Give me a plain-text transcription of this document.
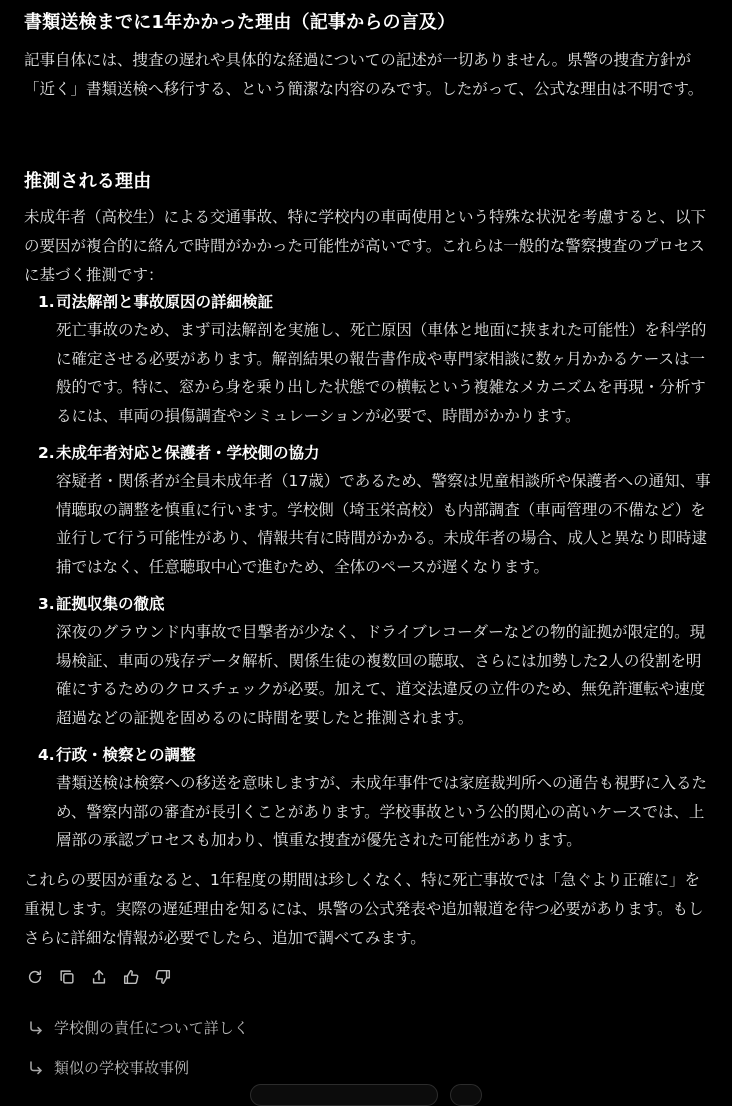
書類送検までに1年かかった理由（記事からの言及）

記事自体には、捜査の遅れや具体的な経過についての記述が一切ありません。県警の捜査方針が「近く」書類送検へ移行する、という簡潔な内容のみです。したがって、公式な理由は不明です。

推測される理由

未成年者（高校生）による交通事故、特に学校内の車両使用という特殊な状況を考慮すると、以下の要因が複合的に絡んで時間がかかった可能性が高いです。これらは一般的な警察捜査のプロセスに基づく推測です：

1.司法解剖と事故原因の詳細検証
死亡事故のため、まず司法解剖を実施し、死亡原因（車体と地面に挟まれた可能性）を科学的に確定させる必要があります。解剖結果の報告書作成や専門家相談に数ヶ月かかるケースは一般的です。特に、窓から身を乗り出した状態での横転という複雑なメカニズムを再現・分析するには、車両の損傷調査やシミュレーションが必要で、時間がかかります。
2.未成年者対応と保護者・学校側の協力
容疑者・関係者が全員未成年者（17歳）であるため、警察は児童相談所や保護者への通知、事情聴取の調整を慎重に行います。学校側（埼玉栄高校）も内部調査（車両管理の不備など）を並行して行う可能性があり、情報共有に時間がかかる。未成年者の場合、成人と異なり即時逮捕ではなく、任意聴取中心で進むため、全体のペースが遅くなります。
3.証拠収集の徹底
深夜のグラウンド内事故で目撃者が少なく、ドライブレコーダーなどの物的証拠が限定的。現場検証、車両の残存データ解析、関係生徒の複数回の聴取、さらには加勢した2人の役割を明確にするためのクロスチェックが必要。加えて、道交法違反の立件のため、無免許運転や速度超過などの証拠を固めるのに時間を要したと推測されます。
4.行政・検察との調整
書類送検は検察への移送を意味しますが、未成年事件では家庭裁判所への通告も視野に入るため、警察内部の審査が長引くことがあります。学校事故という公的関心の高いケースでは、上層部の承認プロセスも加わり、慎重な捜査が優先された可能性があります。

これらの要因が重なると、1年程度の期間は珍しくなく、特に死亡事故では「急ぐより正確に」を重視します。実際の遅延理由を知るには、県警の公式発表や追加報道を待つ必要があります。もしさらに詳細な情報が必要でしたら、追加で調べてみます。

学校側の責任について詳しく
類似の学校事故事例
